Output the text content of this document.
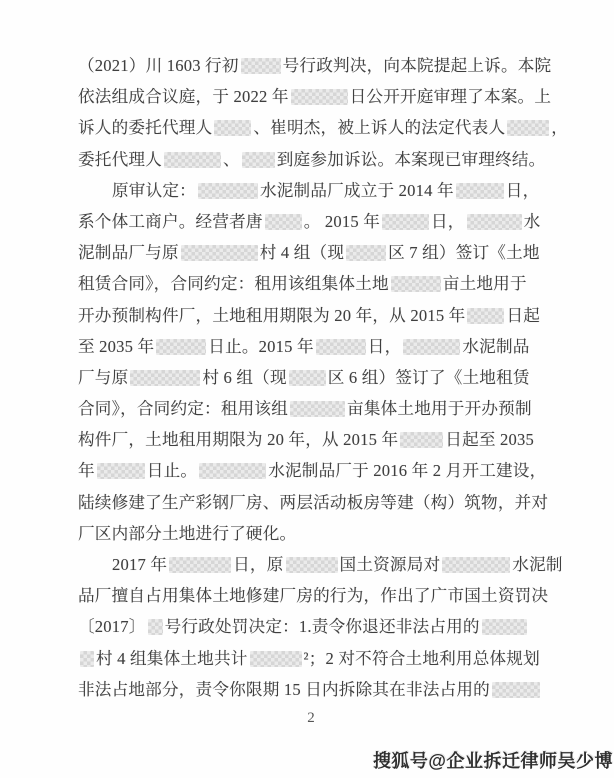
（2021）川 1603 行初	号行政判决，向本院提起上诉。本院
依法组成合议庭，于 2022 年	日公开开庭审理了本案。上
诉人的委托代理人 、崔明杰，被上诉人的法定代表人	，
委托代理人	、 到庭参加诉讼。本案现已审理终结。
原审认定：	水泥制品厂成立于 2014 年	日，
系个体工商户。经营者唐 。 2015 年	日，	水
泥制品厂与原	村 4 组（现	区 7 组）签订《土地
租赁合同》，合同约定：租用该组集体土地	亩土地用于
开办预制构件厂，土地租用期限为 20 年，从 2015 年 日起
至 2035 年	日止。2015 年	日，	水泥制品
厂与原	村 6 组（现 区 6 组）签订了《土地租赁
合同》，合同约定：租用该组	亩集体土地用于开办预制
构件厂，土地租用期限为 20 年，从 2015 年	日起至 2035
年	日止。	水泥制品厂于 2016 年 2 月开工建设，
陆续修建了生产彩钢厂房、两层活动板房等建（构）筑物，并对
厂区内部分土地进行了硬化。
2017 年	日，原	国土资源局对	水泥制
品厂擅自占用集体土地修建厂房的行为，作出了广市国土资罚决
〔2017〕 号行政处罚决定：1.责令你退还非法占用的
村 4 组集体土地共计	²；2 对不符合土地利用总体规划
非法占地部分，责令你限期 15 日内拆除其在非法占用的
2
搜狐号@企业拆迁律师吴少博
